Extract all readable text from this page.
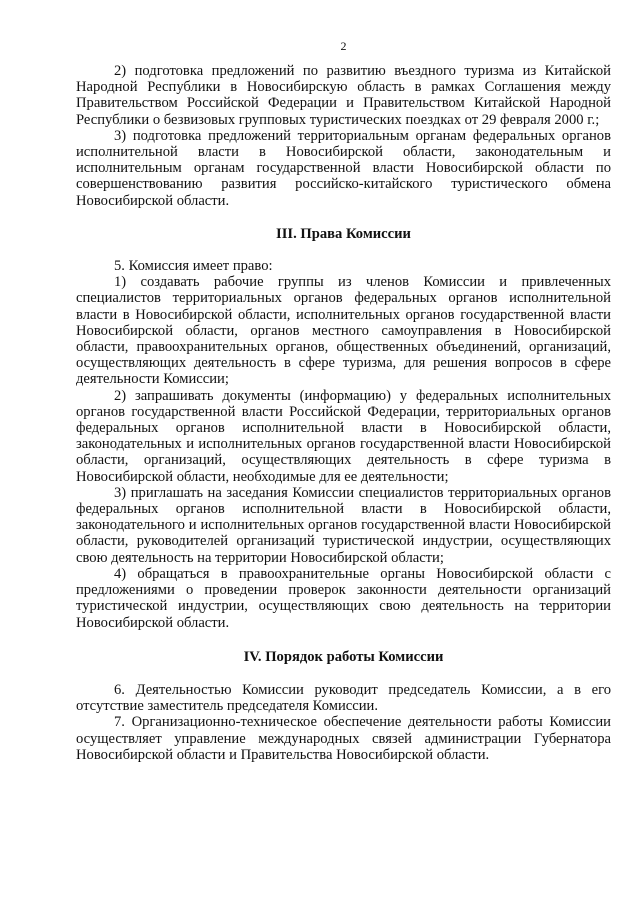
2

2) подготовка предложений по развитию въездного туризма из Китайской Народной Республики в Новосибирскую область в рамках Соглашения между Правительством Российской Федерации и Правительством Китайской Народной Республики о безвизовых групповых туристических поездках от 29 февраля 2000 г.;

3) подготовка предложений территориальным органам федеральных органов исполнительной власти в Новосибирской области, законодательным и исполнительным органам государственной власти Новосибирской области по совершенствованию развития российско-китайского туристического обмена Новосибирской области.

III. Права Комиссии

5. Комиссия имеет право:

1) создавать рабочие группы из членов Комиссии и привлеченных специалистов территориальных органов федеральных органов исполнительной власти в Новосибирской области, исполнительных органов государственной власти Новосибирской области, органов местного самоуправления в Новосибирской области, правоохранительных органов, общественных объединений, организаций, осуществляющих деятельность в сфере туризма, для решения вопросов в сфере деятельности Комиссии;

2) запрашивать документы (информацию) у федеральных исполнительных органов государственной власти Российской Федерации, территориальных органов федеральных органов исполнительной власти в Новосибирской области, законодательных и исполнительных органов государственной власти Новосибирской области, организаций, осуществляющих деятельность в сфере туризма в Новосибирской области, необходимые для ее деятельности;

3) приглашать на заседания Комиссии специалистов территориальных органов федеральных органов исполнительной власти в Новосибирской области, законодательного и исполнительных органов государственной власти Новосибирской области, руководителей организаций туристической индустрии, осуществляющих свою деятельность на территории Новосибирской области;

4) обращаться в правоохранительные органы Новосибирской области с предложениями о проведении проверок законности деятельности организаций туристической индустрии, осуществляющих свою деятельность на территории Новосибирской области.

IV. Порядок работы Комиссии

6. Деятельностью Комиссии руководит председатель Комиссии, а в его отсутствие заместитель председателя Комиссии.

7. Организационно-техническое обеспечение деятельности работы Комиссии осуществляет управление международных связей администрации Губернатора Новосибирской области и Правительства Новосибирской области.
